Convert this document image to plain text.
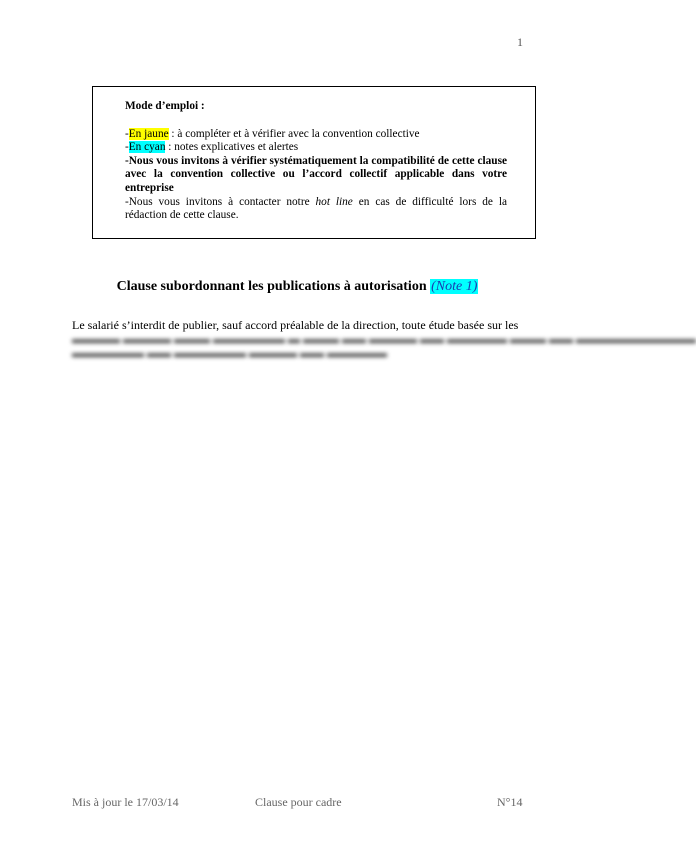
1
Mode d’emploi :
-En jaune : à compléter et à vérifier avec la convention collective
-En cyan : notes explicatives et alertes
-Nous vous invitons à vérifier systématiquement la compatibilité de cette clause avec la convention collective ou l’accord collectif applicable dans votre entreprise
-Nous vous invitons à contacter notre hot line en cas de difficulté lors de la rédaction de cette clause.
Clause subordonnant les publications à autorisation (Note 1)
Le salarié s’interdit de publier, sauf accord préalable de la direction, toute étude basée sur les
▬▬▬▬ ▬▬▬▬ ▬▬▬ ▬▬▬▬▬▬ ▬ ▬▬▬ ▬▬ ▬▬▬▬ ▬▬ ▬▬▬▬▬ ▬▬▬ ▬▬ ▬▬▬▬▬▬▬▬▬▬
▬▬▬▬▬▬ ▬▬ ▬▬▬▬▬▬ ▬▬▬▬ ▬▬ ▬▬▬▬▬
Mis à jour le 17/03/14	Clause pour cadre	N°14
